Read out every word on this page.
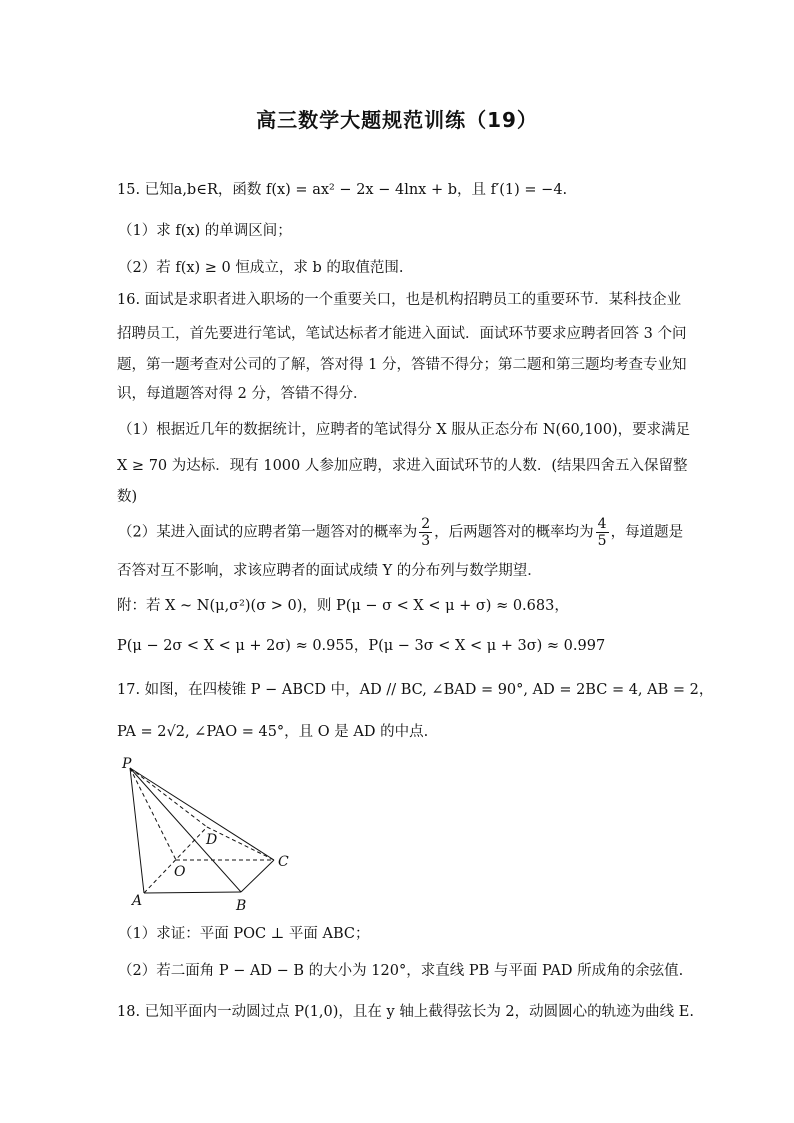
高三数学大题规范训练（19）
15. 已知a,b∈R，函数 f(x) = ax² − 2x − 4lnx + b，且 f′(1) = −4.
（1）求 f(x) 的单调区间；
（2）若 f(x) ≥ 0 恒成立，求 b 的取值范围.
16. 面试是求职者进入职场的一个重要关口，也是机构招聘员工的重要环节．某科技企业
招聘员工，首先要进行笔试，笔试达标者才能进入面试．面试环节要求应聘者回答 3 个问
题，第一题考查对公司的了解，答对得 1 分，答错不得分；第二题和第三题均考查专业知
识，每道题答对得 2 分，答错不得分．
（1）根据近几年的数据统计，应聘者的笔试得分 X 服从正态分布 N(60,100)，要求满足
X ≥ 70 为达标．现有 1000 人参加应聘，求进入面试环节的人数．(结果四舍五入保留整
数)
（2）某进入面试的应聘者第一题答对的概率为 $\frac{2}{3}$ ，后两题答对的概率均为 $\frac{4}{5}$ ，每道题是
否答对互不影响，求该应聘者的面试成绩 Y 的分布列与数学期望．
附：若 X ~ N(μ,σ²)(σ > 0)，则 P(μ − σ < X < μ + σ) ≈ 0.683，
P(μ − 2σ < X < μ + 2σ) ≈ 0.955，P(μ − 3σ < X < μ + 3σ) ≈ 0.997
17. 如图，在四棱锥 P − ABCD 中，AD // BC, ∠BAD = 90°, AD = 2BC = 4, AB = 2，
PA = 2√2, ∠PAO = 45°，且 O 是 AD 的中点.
P
A	B
C
D
O
（1）求证：平面 POC ⊥ 平面 ABC；
（2）若二面角 P − AD − B 的大小为 120°，求直线 PB 与平面 PAD 所成角的余弦值.
18. 已知平面内一动圆过点 P(1,0)，且在 y 轴上截得弦长为 2，动圆圆心的轨迹为曲线 E.
